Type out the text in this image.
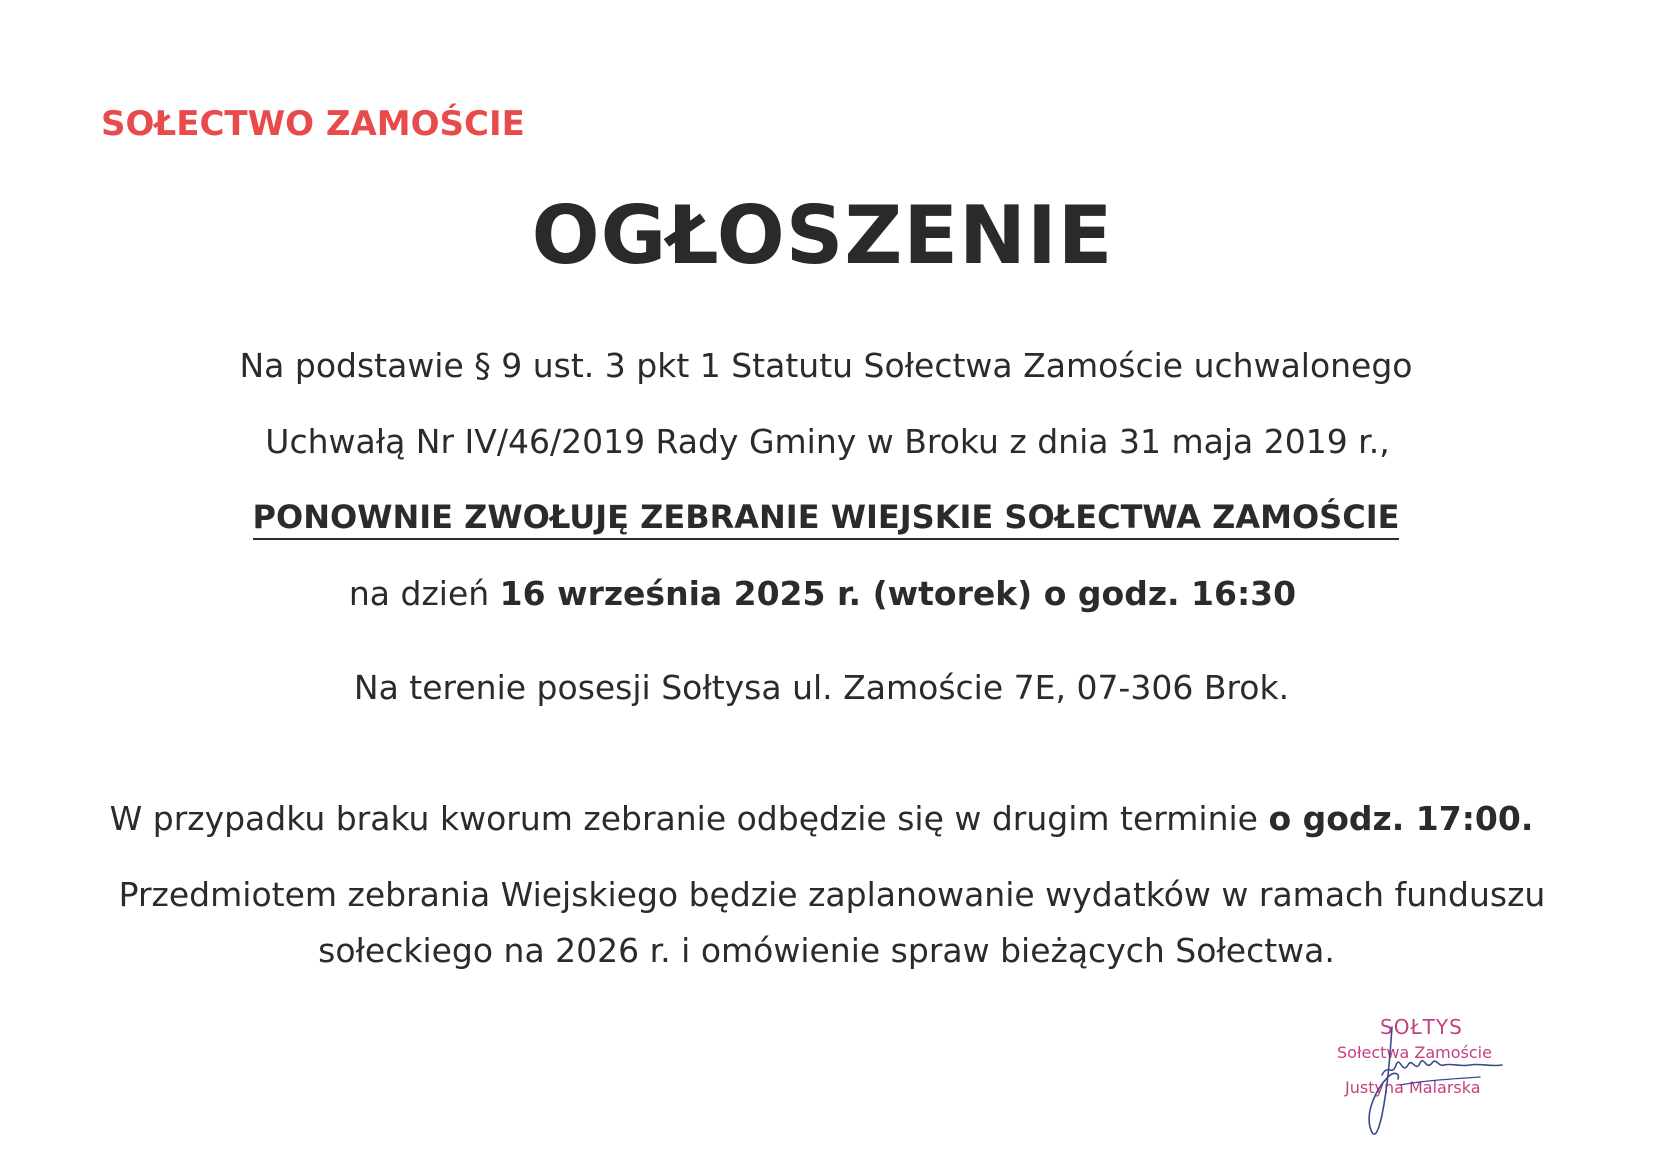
SOŁECTWO ZAMOŚCIE
OGŁOSZENIE
Na podstawie § 9 ust. 3 pkt 1 Statutu Sołectwa Zamoście uchwalonego
Uchwałą Nr IV/46/2019 Rady Gminy w Broku z dnia 31 maja 2019 r.,
PONOWNIE ZWOŁUJĘ ZEBRANIE WIEJSKIE SOŁECTWA ZAMOŚCIE
na dzień 16 września 2025 r. (wtorek) o godz. 16:30
Na terenie posesji Sołtysa ul. Zamoście 7E, 07-306 Brok.
W przypadku braku kworum zebranie odbędzie się w drugim terminie o godz. 17:00.
Przedmiotem zebrania Wiejskiego będzie zaplanowanie wydatków w ramach funduszu
sołeckiego na 2026 r. i omówienie spraw bieżących Sołectwa.
SOŁTYS
Sołectwa Zamoście
Justyna Malarska
